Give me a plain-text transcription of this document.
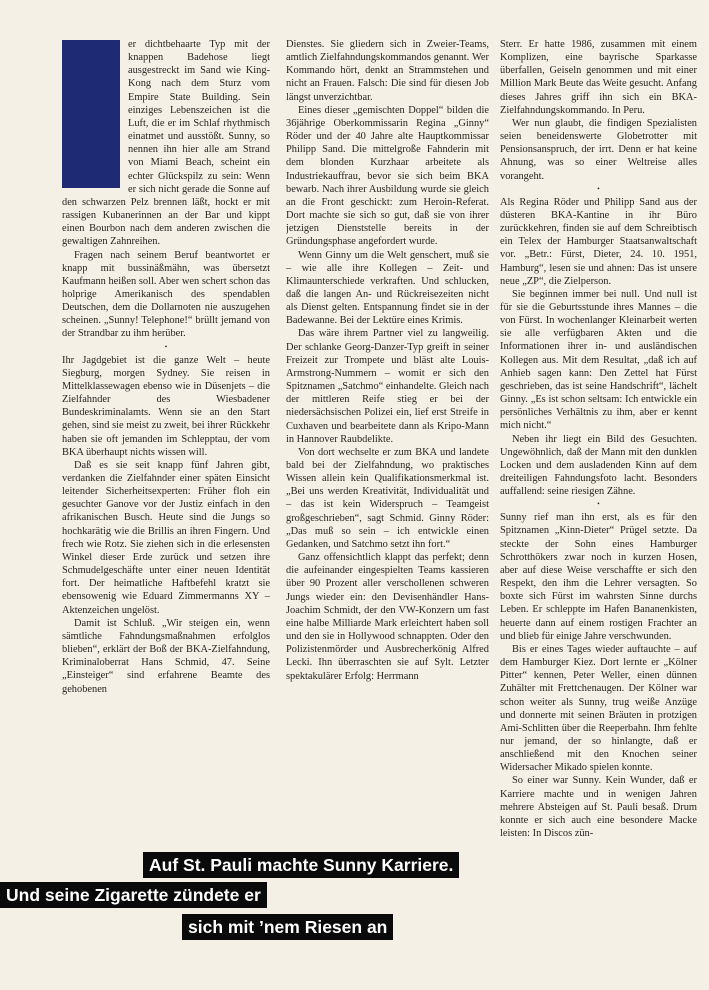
er dichtbehaarte Typ mit der knappen Badehose liegt ausgestreckt im Sand wie King-Kong nach dem Sturz vom Empire State Building. Sein einziges Lebenszeichen ist die Luft, die er im Schlaf rhythmisch einatmet und ausstößt. Sunny, so nennen ihn hier alle am Strand von Miami Beach, scheint ein echter Glückspilz zu sein: Wenn er sich nicht gerade die Sonne auf den schwarzen Pelz brennen läßt, hockt er mit rassigen Kubanerinnen an der Bar und kippt einen Bourbon nach dem anderen zwischen die gewaltigen Zahnreihen.

Fragen nach seinem Beruf beantwortet er knapp mit bussinäßmähn, was übersetzt Kaufmann heißen soll. Aber wen schert schon das holprige Amerikanisch des spendablen Deutschen, dem die Dollarnoten nie auszugehen scheinen. „Sunny! Telephone!“ brüllt jemand von der Strandbar zu ihm herüber.

•

Ihr Jagdgebiet ist die ganze Welt – heute Siegburg, morgen Sydney. Sie reisen in Mittelklassewagen ebenso wie in Düsenjets – die Zielfahnder des Wiesbadener Bundeskriminalamts. Wenn sie an den Start gehen, sind sie meist zu zweit, bei ihrer Rückkehr haben sie oft jemanden im Schlepptau, der vom BKA überhaupt nichts wissen will.

Daß es sie seit knapp fünf Jahren gibt, verdanken die Zielfahnder einer späten Einsicht leitender Sicherheitsexperten: Früher floh ein gesuchter Ganove vor der Justiz einfach in den afrikanischen Busch. Heute sind die Jungs so hochkarätig wie die Brillis an ihren Fingern. Und frech wie Rotz. Sie ziehen sich in die erlesensten Winkel dieser Erde zurück und setzen ihre Schmudelgeschäfte unter einer neuen Identität fort. Der heimatliche Haftbefehl kratzt sie ebensowenig wie Eduard Zimmermanns XY – Aktenzeichen ungelöst.

Damit ist Schluß. „Wir steigen ein, wenn sämtliche Fahndungsmaßnahmen erfolglos blieben“, erklärt der Boß der BKA-Zielfahndung, Kriminaloberrat Hans Schmid, 47. Seine „Einsteiger“ sind erfahrene Beamte des gehobenen

Dienstes. Sie gliedern sich in Zweier-Teams, amtlich Zielfahndungskommandos genannt. Wer Kommando hört, denkt an Strammstehen und nicht an Frauen. Falsch: Die sind für diesen Job längst unverzichtbar.

Eines dieser „gemischten Doppel“ bilden die 36jährige Oberkommissarin Regina „Ginny“ Röder und der 40 Jahre alte Hauptkommissar Philipp Sand. Die mittelgroße Fahnderin mit dem blonden Kurzhaar arbeitete als Industriekauffrau, bevor sie sich beim BKA bewarb. Nach ihrer Ausbildung wurde sie gleich an die Front geschickt: zum Heroin-Referat. Dort machte sie sich so gut, daß sie von ihrer jetzigen Dienststelle bereits in der Gründungsphase angefordert wurde.

Wenn Ginny um die Welt genschert, muß sie – wie alle ihre Kollegen – Zeit- und Klimaunterschiede verkraften. Und schlucken, daß die langen An- und Rückreisezeiten nicht als Dienst gelten. Entspannung findet sie in der Badewanne. Bei der Lektüre eines Krimis.

Das wäre ihrem Partner viel zu langweilig. Der schlanke Georg-Danzer-Typ greift in seiner Freizeit zur Trompete und bläst alte Louis-Armstrong-Nummern – womit er sich den Spitznamen „Satchmo“ einhandelte. Gleich nach der mittleren Reife stieg er bei der niedersächsischen Polizei ein, lief erst Streife in Cuxhaven und bearbeitete dann als Kripo-Mann in Hannover Raubdelikte.

Von dort wechselte er zum BKA und landete bald bei der Zielfahndung, wo praktisches Wissen allein kein Qualifikationsmerkmal ist. „Bei uns werden Kreativität, Individualität und – das ist kein Widerspruch – Teamgeist großgeschrieben“, sagt Schmid. Ginny Röder: „Das muß so sein – ich entwickle einen Gedanken, und Satchmo setzt ihn fort.“

Ganz offensichtlich klappt das perfekt; denn die aufeinander eingespielten Teams kassieren über 90 Prozent aller verschollenen schweren Jungs wieder ein: den Devisenhändler Hans-Joachim Schmidt, der den VW-Konzern um fast eine halbe Milliarde Mark erleichtert haben soll und den sie in Hollywood schnappten. Oder den Polizistenmörder und Ausbrecherkönig Alfred Lecki. Ihn überraschten sie auf Sylt. Letzter spektakulärer Erfolg: Herrmann

Sterr. Er hatte 1986, zusammen mit einem Komplizen, eine bayrische Sparkasse überfallen, Geiseln genommen und mit einer Million Mark Beute das Weite gesucht. Anfang dieses Jahres griff ihn sich ein BKA-Zielfahndungskommando. In Peru.

Wer nun glaubt, die findigen Spezialisten seien beneidenswerte Globetrotter mit Pensionsanspruch, der irrt. Denn er hat keine Ahnung, was so einer Weltreise alles vorangeht.

•

Als Regina Röder und Philipp Sand aus der düsteren BKA-Kantine in ihr Büro zurückkehren, finden sie auf dem Schreibtisch ein Telex der Hamburger Staatsanwaltschaft vor. „Betr.: Fürst, Dieter, 24. 10. 1951, Hamburg“, lesen sie und ahnen: Das ist unsere neue „ZP“, die Zielperson.

Sie beginnen immer bei null. Und null ist für sie die Geburtsstunde ihres Mannes – die von Fürst. In wochenlanger Kleinarbeit werten sie alle verfügbaren Akten und die Informationen ihrer in- und ausländischen Kollegen aus. Mit dem Resultat, „daß ich auf Anhieb sagen kann: Den Zettel hat Fürst geschrieben, das ist seine Handschrift“, lächelt Ginny. „Es ist schon seltsam: Ich entwickle ein persönliches Verhältnis zu ihm, aber er kennt mich nicht.“

Neben ihr liegt ein Bild des Gesuchten. Ungewöhnlich, daß der Mann mit den dunklen Locken und dem ausladenden Kinn auf dem dreiteiligen Fahndungsfoto lacht. Besonders auffallend: seine riesigen Zähne.

•

Sunny rief man ihn erst, als es für den Spitznamen „Kinn-Dieter“ Prügel setzte. Da steckte der Sohn eines Hamburger Schrotthökers zwar noch in kurzen Hosen, aber auf diese Weise verschaffte er sich den Respekt, den ihm die Lehrer versagten. So boxte sich Fürst im wahrsten Sinne durchs Leben. Er schleppte im Hafen Bananenkisten, heuerte dann auf einem rostigen Frachter an und blieb für einige Jahre verschwunden.

Bis er eines Tages wieder auftauchte – auf dem Hamburger Kiez. Dort lernte er „Kölner Pitter“ kennen, Peter Weller, einen dünnen Zuhälter mit Frettchenaugen. Der Kölner war schon weiter als Sunny, trug weiße Anzüge und donnerte mit seinen Bräuten in protzigen Ami-Schlitten über die Reeperbahn. Ihm fehlte nur jemand, der so hinlangte, daß er anschließend mit den Knochen seiner Widersacher Mikado spielen konnte.

So einer war Sunny. Kein Wunder, daß er Karriere machte und in wenigen Jahren mehrere Absteigen auf St. Pauli besaß. Drum konnte er sich auch eine besondere Macke leisten: In Discos zün-

Auf St. Pauli machte Sunny Karriere.
Und seine Zigarette zündete er
sich mit ’nem Riesen an
